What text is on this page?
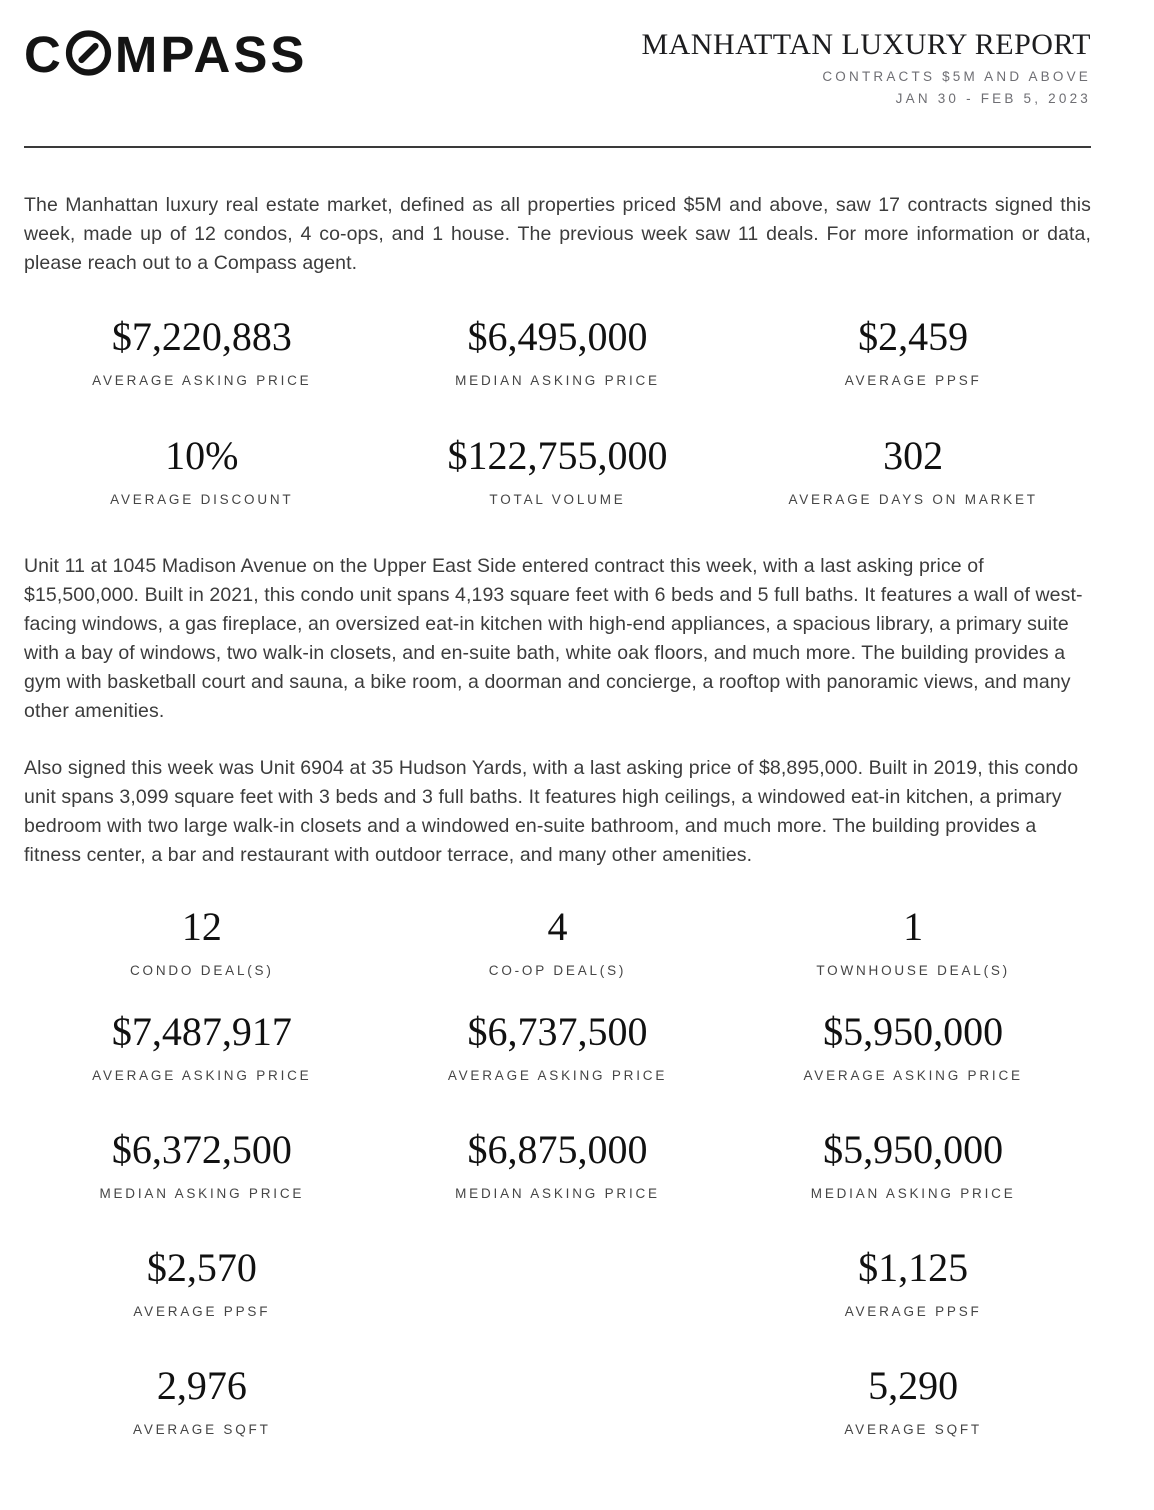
C MPASS	MANHATTAN LUXURY REPORT
CONTRACTS $5M AND ABOVE
JAN 30 - FEB 5, 2023

The Manhattan luxury real estate market, defined as all properties priced $5M and above, saw 17 contracts signed this week, made up of 12 condos, 4 co-ops, and 1 house. The previous week saw 11 deals. For more information or data, please reach out to a Compass agent.

$7,220,883
AVERAGE ASKING PRICE
$6,495,000
MEDIAN ASKING PRICE
$2,459
AVERAGE PPSF
10%
AVERAGE DISCOUNT
$122,755,000
TOTAL VOLUME
302
AVERAGE DAYS ON MARKET

Unit 11 at 1045 Madison Avenue on the Upper East Side entered contract this week, with a last asking price of $15,500,000. Built in 2021, this condo unit spans 4,193 square feet with 6 beds and 5 full baths. It features a wall of west-facing windows, a gas fireplace, an oversized eat-in kitchen with high-end appliances, a spacious library, a primary suite with a bay of windows, two walk-in closets, and en-suite bath, white oak floors, and much more. The building provides a gym with basketball court and sauna, a bike room, a doorman and concierge, a rooftop with panoramic views, and many other amenities.

Also signed this week was Unit 6904 at 35 Hudson Yards, with a last asking price of $8,895,000. Built in 2019, this condo unit spans 3,099 square feet with 3 beds and 3 full baths. It features high ceilings, a windowed eat-in kitchen, a primary bedroom with two large walk-in closets and a windowed en-suite bathroom, and much more. The building provides a fitness center, a bar and restaurant with outdoor terrace, and many other amenities.

12
CONDO DEAL(S)
4
CO-OP DEAL(S)
1
TOWNHOUSE DEAL(S)
$7,487,917
AVERAGE ASKING PRICE
$6,737,500
AVERAGE ASKING PRICE
$5,950,000
AVERAGE ASKING PRICE
$6,372,500
MEDIAN ASKING PRICE
$6,875,000
MEDIAN ASKING PRICE
$5,950,000
MEDIAN ASKING PRICE
$2,570
AVERAGE PPSF
$1,125
AVERAGE PPSF
2,976
AVERAGE SQFT
5,290
AVERAGE SQFT
